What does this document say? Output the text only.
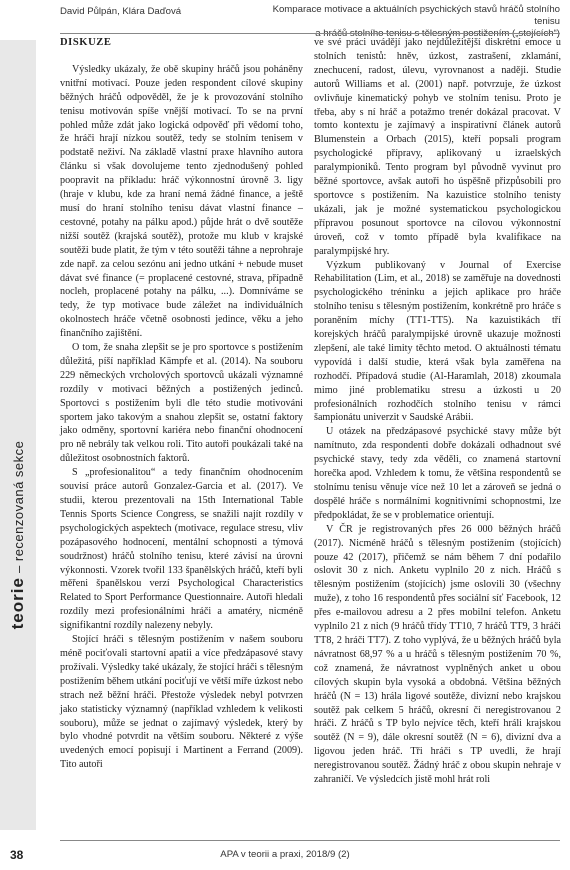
David Půlpán, Klára Daďová	Komparace motivace a aktuálních psychických stavů hráčů stolního tenisu
a hráčů stolního tenisu s tělesným postižením („stojících“)
teorie – recenzovaná sekce
DISKUZE

Výsledky ukázaly, že obě skupiny hráčů jsou poháněny vnitřní motivací. Pouze jeden respondent cílové skupiny běžných hráčů odpověděl, že je k provozování stolního tenisu motivován spíše vnější motivací. To se na první pohled může zdát jako logická odpověď při vědomí toho, že hráči hrají nízkou soutěž, tedy se stolním tenisem v podstatě neživí. Na základě vlastní praxe hlavního autora článku si však dovolujeme tento zjednodušený pohled poopravit na příkladu: hráč výkonnostní úrovně 3. ligy (hraje v klubu, kde za hraní nemá žádné finance, a ještě musí do hraní stolního tenisu dávat vlastní finance – cestovné, potahy na pálku apod.) půjde hrát o dvě soutěže nižší soutěž (krajská soutěž), protože mu klub v krajské soutěži bude platit, že tým v této soutěži táhne a neprohraje zde např. za celou sezónu ani jedno utkání + nebude muset dávat své finance (= proplacené cestovné, strava, případně nocleh, proplacené potahy na pálku, ...). Domníváme se tedy, že typ motivace bude záležet na individuálních okolnostech hráče včetně osobnosti jedince, věku a jeho finančního zajištění.

O tom, že snaha zlepšit se je pro sportovce s postižením důležitá, píší například Kämpfe et al. (2014). Na souboru 229 německých vrcholových sportovců ukázali významné rozdíly v motivaci běžných a postižených jedinců. Sportovci s postižením byli dle této studie motivováni sportem jako takovým a snahou zlepšit se, ostatní faktory jako odměny, sportovní kariéra nebo finanční ohodnocení pro ně nebrály tak velkou roli. Tito autoři poukázali také na důležitost osobnostních faktorů.

S „profesionalitou“ a tedy finančním ohodnocením souvisí práce autorů Gonzalez-Garcia et al. (2017). Ve studii, kterou prezentovali na 15th International Table Tennis Sports Science Congress, se snažili najít rozdíly v psychologických aspektech (motivace, regulace stresu, vliv pozápasového hodnocení, mentální schopnosti a týmová soudržnost) hráčů stolního tenisu, které závisí na úrovni výkonnosti. Vzorek tvořil 133 španělských hráčů, kteří byli měřeni španělskou verzí Psychological Characteristics Related to Sport Performance Questionnaire. Autoři hledali rozdíly mezi profesionálními hráči a amatéry, nicméně signifikantní rozdíly nalezeny nebyly.

Stojící hráči s tělesným postižením v našem souboru méně pociťovali startovní apatii a více předzápasové stavy prožívali. Výsledky také ukázaly, že stojící hráči s tělesným postižením během utkání pociťují ve větší míře úzkost nebo strach než běžní hráči. Přestože výsledek nebyl potvrzen jako statisticky významný (například vzhledem k velikosti souboru), může se jednat o zajímavý výsledek, který by bylo vhodné potvrdit na větším souboru. Některé z výše uvedených emocí popisují i Martinent a Ferrand (2009). Tito autoři

ve své práci uvádějí jako nejdůležitější diskrétní emoce u stolních tenistů: hněv, úzkost, zastrašení, zklamání, znechucení, radost, úlevu, vyrovnanost a naději. Studie autorů Williams et al. (2001) např. potvrzuje, že úzkost ovlivňuje kinematický pohyb ve stolním tenisu. Proto je třeba, aby s ní hráč a potažmo trenér dokázal pracovat. V tomto kontextu je zajímavý a inspirativní článek autorů Blumenstein a Orbach (2015), kteří popsali program psychologické přípravy, aplikovaný u izraelských paralympioniků. Tento program byl původně vyvinut pro běžné sportovce, avšak autoři ho úspěšně přizpůsobili pro sportovce s postižením. Na kazuistice stolního tenisty ukázali, jak je možné systematickou psychologickou přípravou posunout sportovce na cílovou výkonnostní úroveň, což v tomto případě byla kvalifikace na paralympijské hry.

Výzkum publikovaný v Journal of Exercise Rehabilitation (Lim, et al., 2018) se zaměřuje na dovednosti psychologického tréninku a jejich aplikace pro hráče stolního tenisu s tělesným postižením, konkrétně pro hráče s poraněním míchy (TT1-TT5). Na kazuistikách tří korejských hráčů paralympijské úrovně ukazuje možnosti zlepšení, ale také limity těchto metod. O aktuálnosti tématu vypovídá i další studie, která však byla zaměřena na rozhodčí. Případová studie (Al-Haramlah, 2018) zkoumala mimo jiné problematiku stresu a úzkosti u 20 profesionálních rozhodčích stolního tenisu v rámci šampionátu univerzit v Saudské Arábii.

U otázek na předzápasové psychické stavy může být namítnuto, zda respondenti dobře dokázali odhadnout své psychické stavy, tedy zda věděli, co znamená startovní horečka apod. Vzhledem k tomu, že většina respondentů se stolnímu tenisu věnuje více než 10 let a zároveň se jedná o dospělé hráče s normálními kognitivními schopnostmi, lze předpokládat, že se v problematice orientují.

V ČR je registrovaných přes 26 000 běžných hráčů (2017). Nicméně hráčů s tělesným postižením (stojících) pouze 42 (2017), přičemž se nám během 7 dní podařilo oslovit 30 z nich. Anketu vyplnilo 20 z nich. Hráčů s tělesným postižením (stojících) jsme oslovili 30 (všechny muže), z toho 16 respondentů přes sociální síť Facebook, 12 přes e-mailovou adresu a 2 přes mobilní telefon. Anketu vyplnilo 21 z nich (9 hráčů třídy TT10, 7 hráčů TT9, 3 hráči TT8, 2 hráči TT7). Z toho vyplývá, že u běžných hráčů byla návratnost 68,97 % a u hráčů s tělesným postižením 70 %, což znamená, že návratnost vyplněných anket u obou cílových skupin byla vysoká a obdobná. Většina běžných hráčů (N = 13) hrála ligové soutěže, divizní nebo krajskou soutěž pak celkem 5 hráčů, okresní či neregistrovanou 2 hráči. Z hráčů s TP bylo nejvíce těch, kteří hráli krajskou soutěž (N = 9), dále okresní soutěž (N = 6), divizní dva a ligovou jeden hráč. Tři hráči s TP uvedli, že hrají neregistrovanou soutěž. Žádný hráč z obou skupin nehraje v zahraničí. Ve výsledcích jistě mohl hrát roli

38	APA v teorii a praxi, 2018/9 (2)
